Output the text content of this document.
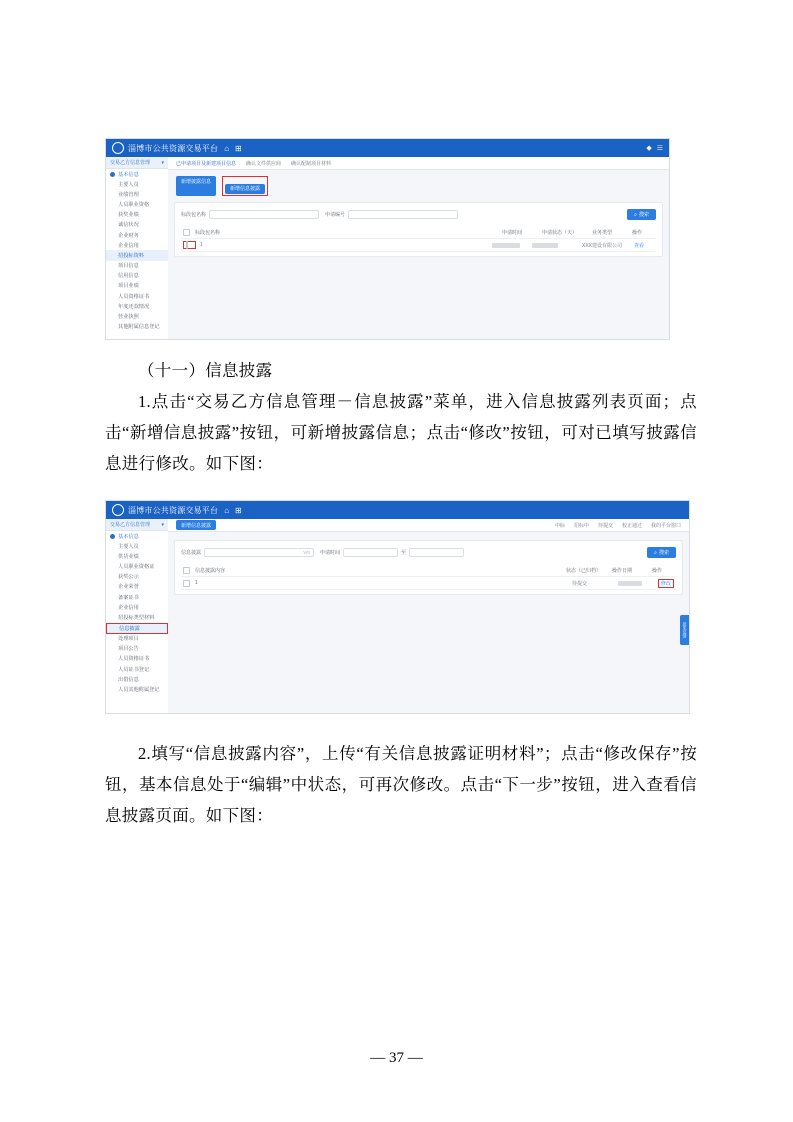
淄博市公共资源交易平台 ⌂ ⊞	◆ ☰
交易乙方信息管理 ▾
基本信息
主要人员
业绩管理
人员职业资格
获奖业绩
诚信状况
企业财务
企业信用
招投标资料
项目信息
信用信息
项目业绩
人员资格证书
年度还款情况
营业执照
其他附属信息登记
已申请项目及新建项目信息 确认文件供应商 确认配制项目材料
新增披露信息
新增信息披露
标段包名称	申请编号	⌕ 搜索
标段包名称	申请时间	申请状态（天）	业务类型	操作
1	XXX建设有限公司	查看
（十一）信息披露
1.点击“交易乙方信息管理－信息披露”菜单，进入信息披露列表页面；点击“新增信息披露”按钮，可新增披露信息；点击“修改”按钮，可对已填写披露信息进行修改。如下图：
淄博市公共资源交易平台 ⌂ ⊞
交易乙方信息管理 ▾
基本信息
主要人员
供货业绩
人员职业资格证
获奖公示
企业荣誉
备案证书
企业信用
招投标类型材料
信息披露
处理项目
项目公告
人员资格证书
人员证书登记
出借信息
人员其他附属登记
新增信息披露	中标 招标中 待提交 校正通过 我的平台窗口
信息披露	V/0 申请时间	至	⌕ 搜索
信息披露内容	状态（已归档）	操作日期	操作
1	待提交	修改
意见反馈
2.填写“信息披露内容”，上传“有关信息披露证明材料”；点击“修改保存”按钮，基本信息处于“编辑”中状态，可再次修改。点击“下一步”按钮，进入查看信息披露页面。如下图：
— 37 —
